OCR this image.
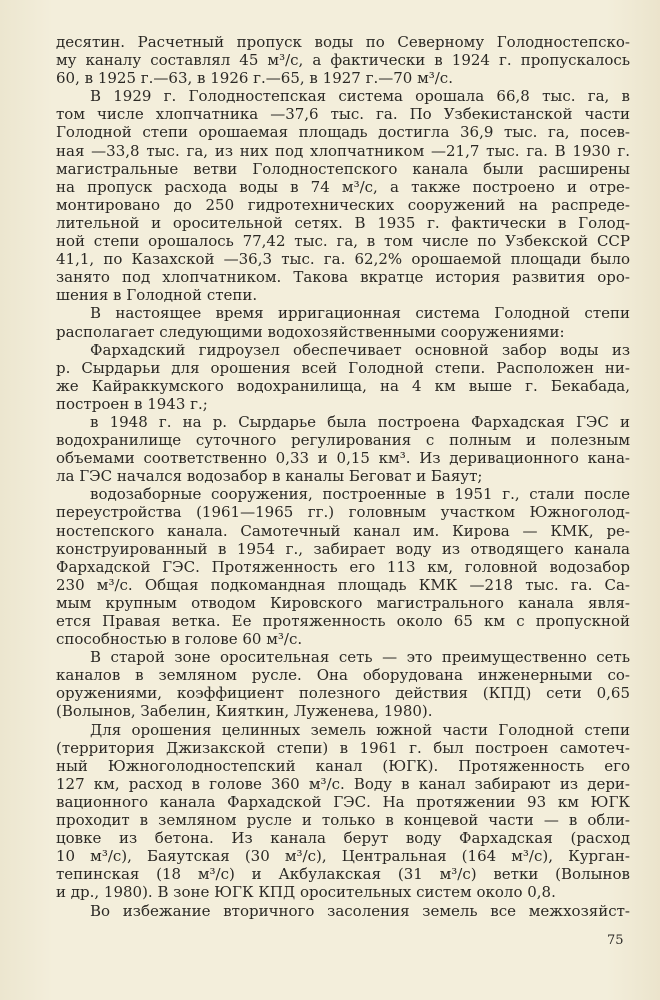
десятин. Расчетный пропуск воды по Северному Голодностепско-
му каналу составлял 45 м³/с, а фактически в 1924 г. пропускалось
60, в 1925 г.—63, в 1926 г.—65, в 1927 г.—70 м³/с.
В 1929 г. Голодностепская система орошала 66,8 тыс. га, в
том числе хлопчатника —37,6 тыс. га. По Узбекистанской части
Голодной степи орошаемая площадь достигла 36,9 тыс. га, посев-
ная —33,8 тыс. га, из них под хлопчатником —21,7 тыс. га. В 1930 г.
магистральные ветви Голодностепского канала были расширены
на пропуск расхода воды в 74 м³/с, а также построено и отре-
монтировано до 250 гидротехнических сооружений на распреде-
лительной и оросительной сетях. В 1935 г. фактически в Голод-
ной степи орошалось 77,42 тыс. га, в том числе по Узбекской ССР
41,1, по Казахской —36,3 тыс. га. 62,2% орошаемой площади было
занято под хлопчатником. Такова вкратце история развития оро-
шения в Голодной степи.
В настоящее время ирригационная система Голодной степи
располагает следующими водохозяйственными сооружениями:
Фархадский гидроузел обеспечивает основной забор воды из
р. Сырдарьи для орошения всей Голодной степи. Расположен ни-
же Кайраккумского водохранилища, на 4 км выше г. Бекабада,
построен в 1943 г.;
в 1948 г. на р. Сырдарье была построена Фархадская ГЭС и
водохранилище суточного регулирования с полным и полезным
объемами соответственно 0,33 и 0,15 км³. Из деривационного кана-
ла ГЭС начался водозабор в каналы Беговат и Баяут;
водозаборные сооружения, построенные в 1951 г., стали после
переустройства (1961—1965 гг.) головным участком Южноголод-
ностепского канала. Самотечный канал им. Кирова — КМК, ре-
конструированный в 1954 г., забирает воду из отводящего канала
Фархадской ГЭС. Протяженность его 113 км, головной водозабор
230 м³/с. Общая подкомандная площадь КМК —218 тыс. га. Са-
мым крупным отводом Кировского магистрального канала явля-
ется Правая ветка. Ее протяженность около 65 км с пропускной
способностью в голове 60 м³/с.
В старой зоне оросительная сеть — это преимущественно сеть
каналов в земляном русле. Она оборудована инженерными со-
оружениями, коэффициент полезного действия (КПД) сети 0,65
(Волынов, Забелин, Кияткин, Луженева, 1980).
Для орошения целинных земель южной части Голодной степи
(территория Джизакской степи) в 1961 г. был построен самотеч-
ный Южноголодностепский канал (ЮГК). Протяженность его
127 км, расход в голове 360 м³/с. Воду в канал забирают из дери-
вационного канала Фархадской ГЭС. На протяжении 93 км ЮГК
проходит в земляном русле и только в концевой части — в обли-
цовке из бетона. Из канала берут воду Фархадская (расход
10 м³/с), Баяутская (30 м³/с), Центральная (164 м³/с), Курган-
тепинская (18 м³/с) и Акбулакская (31 м³/с) ветки (Волынов
и др., 1980). В зоне ЮГК КПД оросительных систем около 0,8.
Во избежание вторичного засоления земель все межхозяйст-
75
